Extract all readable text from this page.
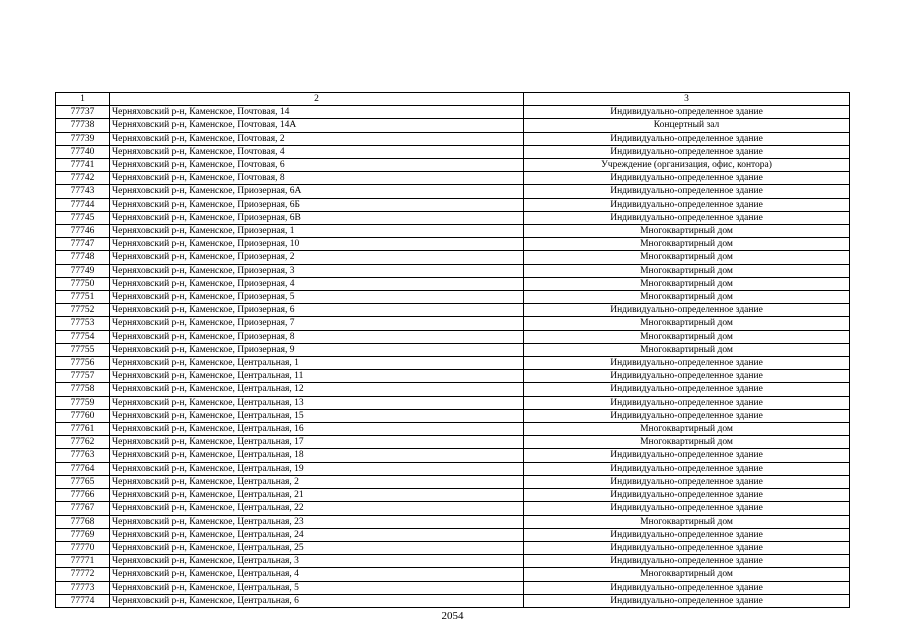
1	2	3
77737	Черняховский р-н, Каменское, Почтовая, 14	Индивидуально-определенное здание
77738	Черняховский р-н, Каменское, Почтовая, 14А	Концертный зал
77739	Черняховский р-н, Каменское, Почтовая, 2	Индивидуально-определенное здание
77740	Черняховский р-н, Каменское, Почтовая, 4	Индивидуально-определенное здание
77741	Черняховский р-н, Каменское, Почтовая, 6	Учреждение (организация, офис, контора)
77742	Черняховский р-н, Каменское, Почтовая, 8	Индивидуально-определенное здание
77743	Черняховский р-н, Каменское, Приозерная, 6А	Индивидуально-определенное здание
77744	Черняховский р-н, Каменское, Приозерная, 6Б	Индивидуально-определенное здание
77745	Черняховский р-н, Каменское, Приозерная, 6В	Индивидуально-определенное здание
77746	Черняховский р-н, Каменское, Приозерная, 1	Многоквартирный дом
77747	Черняховский р-н, Каменское, Приозерная, 10	Многоквартирный дом
77748	Черняховский р-н, Каменское, Приозерная, 2	Многоквартирный дом
77749	Черняховский р-н, Каменское, Приозерная, 3	Многоквартирный дом
77750	Черняховский р-н, Каменское, Приозерная, 4	Многоквартирный дом
77751	Черняховский р-н, Каменское, Приозерная, 5	Многоквартирный дом
77752	Черняховский р-н, Каменское, Приозерная, 6	Индивидуально-определенное здание
77753	Черняховский р-н, Каменское, Приозерная, 7	Многоквартирный дом
77754	Черняховский р-н, Каменское, Приозерная, 8	Многоквартирный дом
77755	Черняховский р-н, Каменское, Приозерная, 9	Многоквартирный дом
77756	Черняховский р-н, Каменское, Центральная, 1	Индивидуально-определенное здание
77757	Черняховский р-н, Каменское, Центральная, 11	Индивидуально-определенное здание
77758	Черняховский р-н, Каменское, Центральная, 12	Индивидуально-определенное здание
77759	Черняховский р-н, Каменское, Центральная, 13	Индивидуально-определенное здание
77760	Черняховский р-н, Каменское, Центральная, 15	Индивидуально-определенное здание
77761	Черняховский р-н, Каменское, Центральная, 16	Многоквартирный дом
77762	Черняховский р-н, Каменское, Центральная, 17	Многоквартирный дом
77763	Черняховский р-н, Каменское, Центральная, 18	Индивидуально-определенное здание
77764	Черняховский р-н, Каменское, Центральная, 19	Индивидуально-определенное здание
77765	Черняховский р-н, Каменское, Центральная, 2	Индивидуально-определенное здание
77766	Черняховский р-н, Каменское, Центральная, 21	Индивидуально-определенное здание
77767	Черняховский р-н, Каменское, Центральная, 22	Индивидуально-определенное здание
77768	Черняховский р-н, Каменское, Центральная, 23	Многоквартирный дом
77769	Черняховский р-н, Каменское, Центральная, 24	Индивидуально-определенное здание
77770	Черняховский р-н, Каменское, Центральная, 25	Индивидуально-определенное здание
77771	Черняховский р-н, Каменское, Центральная, 3	Индивидуально-определенное здание
77772	Черняховский р-н, Каменское, Центральная, 4	Многоквартирный дом
77773	Черняховский р-н, Каменское, Центральная, 5	Индивидуально-определенное здание
77774	Черняховский р-н, Каменское, Центральная, 6	Индивидуально-определенное здание
2054
